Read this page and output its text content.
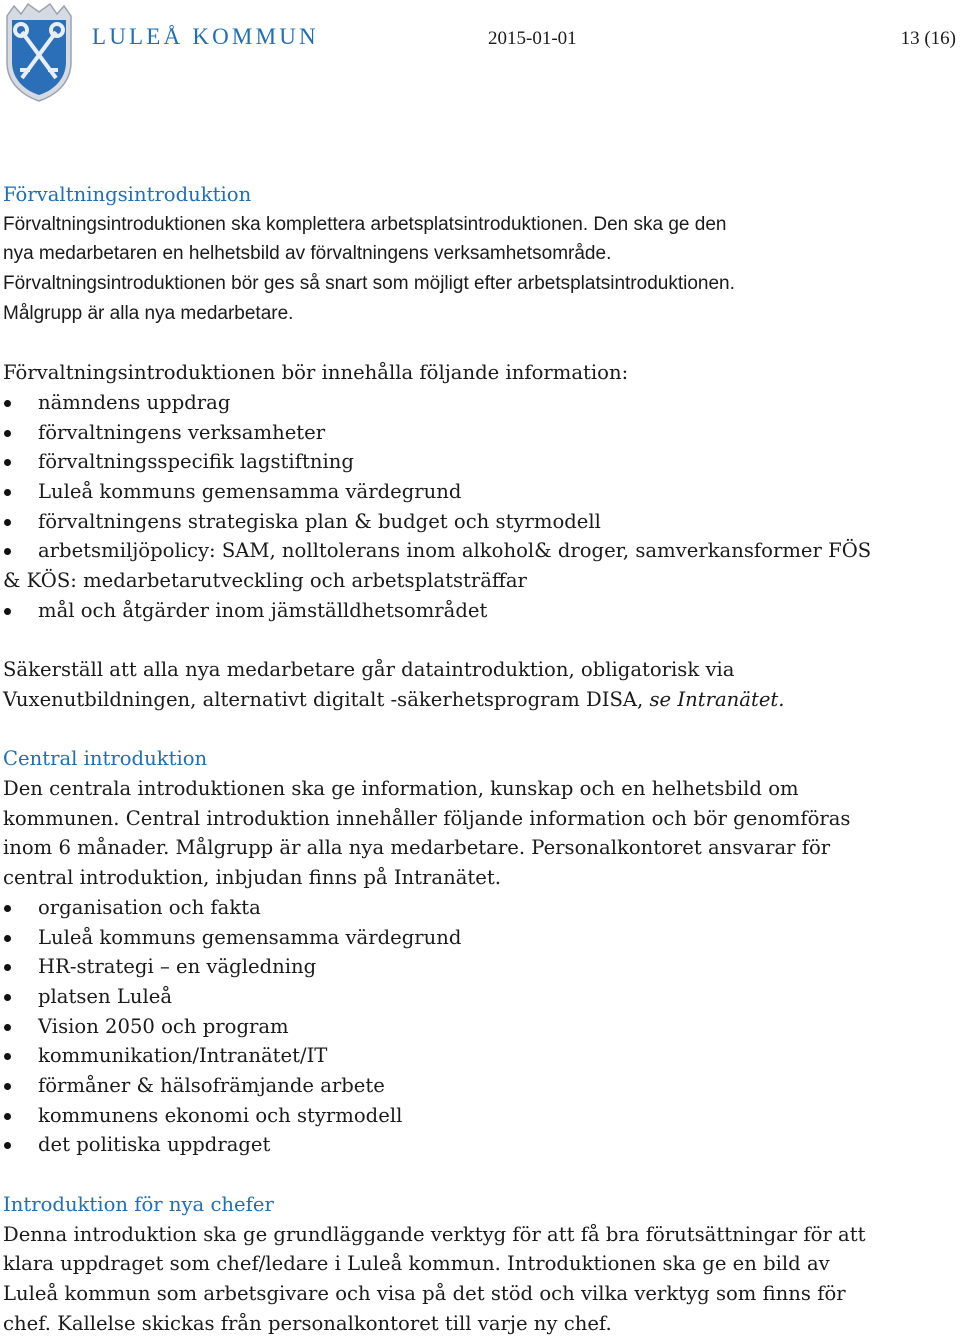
LULEÅ KOMMUN	2015-01-01	13 (16)
Förvaltningsintroduktion

Förvaltningsintroduktionen ska komplettera arbetsplatsintroduktionen. Den ska ge den

nya medarbetaren en helhetsbild av förvaltningens verksamhetsområde.

Förvaltningsintroduktionen bör ges så snart som möjligt efter arbetsplatsintroduktionen.

Målgrupp är alla nya medarbetare.

Förvaltningsintroduktionen bör innehålla följande information:

nämndens uppdrag
förvaltningens verksamheter
förvaltningsspecifik lagstiftning
Luleå kommuns gemensamma värdegrund
förvaltningens strategiska plan & budget och styrmodell
arbetsmiljöpolicy: SAM, nolltolerans inom alkohol& droger, samverkansformer FÖS

& KÖS: medarbetarutveckling och arbetsplatsträffar

mål och åtgärder inom jämställdhetsområdet

Säkerställ att alla nya medarbetare går dataintroduktion, obligatorisk via

Vuxenutbildningen, alternativt digitalt -säkerhetsprogram DISA, se Intranätet.

Central introduktion

Den centrala introduktionen ska ge information, kunskap och en helhetsbild om

kommunen. Central introduktion innehåller följande information och bör genomföras

inom 6 månader. Målgrupp är alla nya medarbetare. Personalkontoret ansvarar för

central introduktion, inbjudan finns på Intranätet.

organisation och fakta
Luleå kommuns gemensamma värdegrund
HR-strategi – en vägledning
platsen Luleå
Vision 2050 och program
kommunikation/Intranätet/IT
förmåner & hälsofrämjande arbete
kommunens ekonomi och styrmodell
det politiska uppdraget
Introduktion för nya chefer

Denna introduktion ska ge grundläggande verktyg för att få bra förutsättningar för att

klara uppdraget som chef/ledare i Luleå kommun. Introduktionen ska ge en bild av

Luleå kommun som arbetsgivare och visa på det stöd och vilka verktyg som finns för

chef. Kallelse skickas från personalkontoret till varje ny chef.
